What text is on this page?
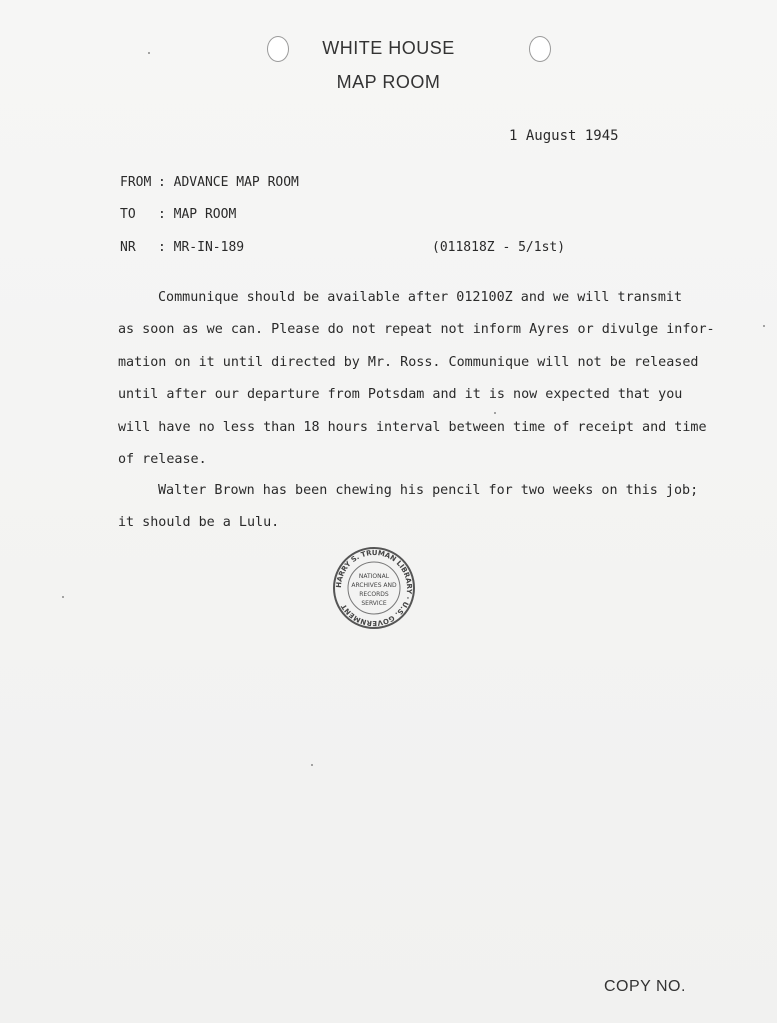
WHITE HOUSE
MAP ROOM
1 August 1945
FROM : ADVANCE MAP ROOM
TO : MAP ROOM
NR : MR-IN-189	(011818Z - 5/1st)
Communique should be available after 012100Z and we will transmit
as soon as we can. Please do not repeat not inform Ayres or divulge infor-
mation on it until directed by Mr. Ross. Communique will not be released
until after our departure from Potsdam and it is now expected that you
will have no less than 18 hours interval between time of receipt and time
of release.
Walter Brown has been chewing his pencil for two weeks on this job;
it should be a Lulu.
HARRY S. TRUMAN LIBRARY · U.S. GOVERNMENT
NATIONAL
ARCHIVES AND
RECORDS
SERVICE
COPY NO.
